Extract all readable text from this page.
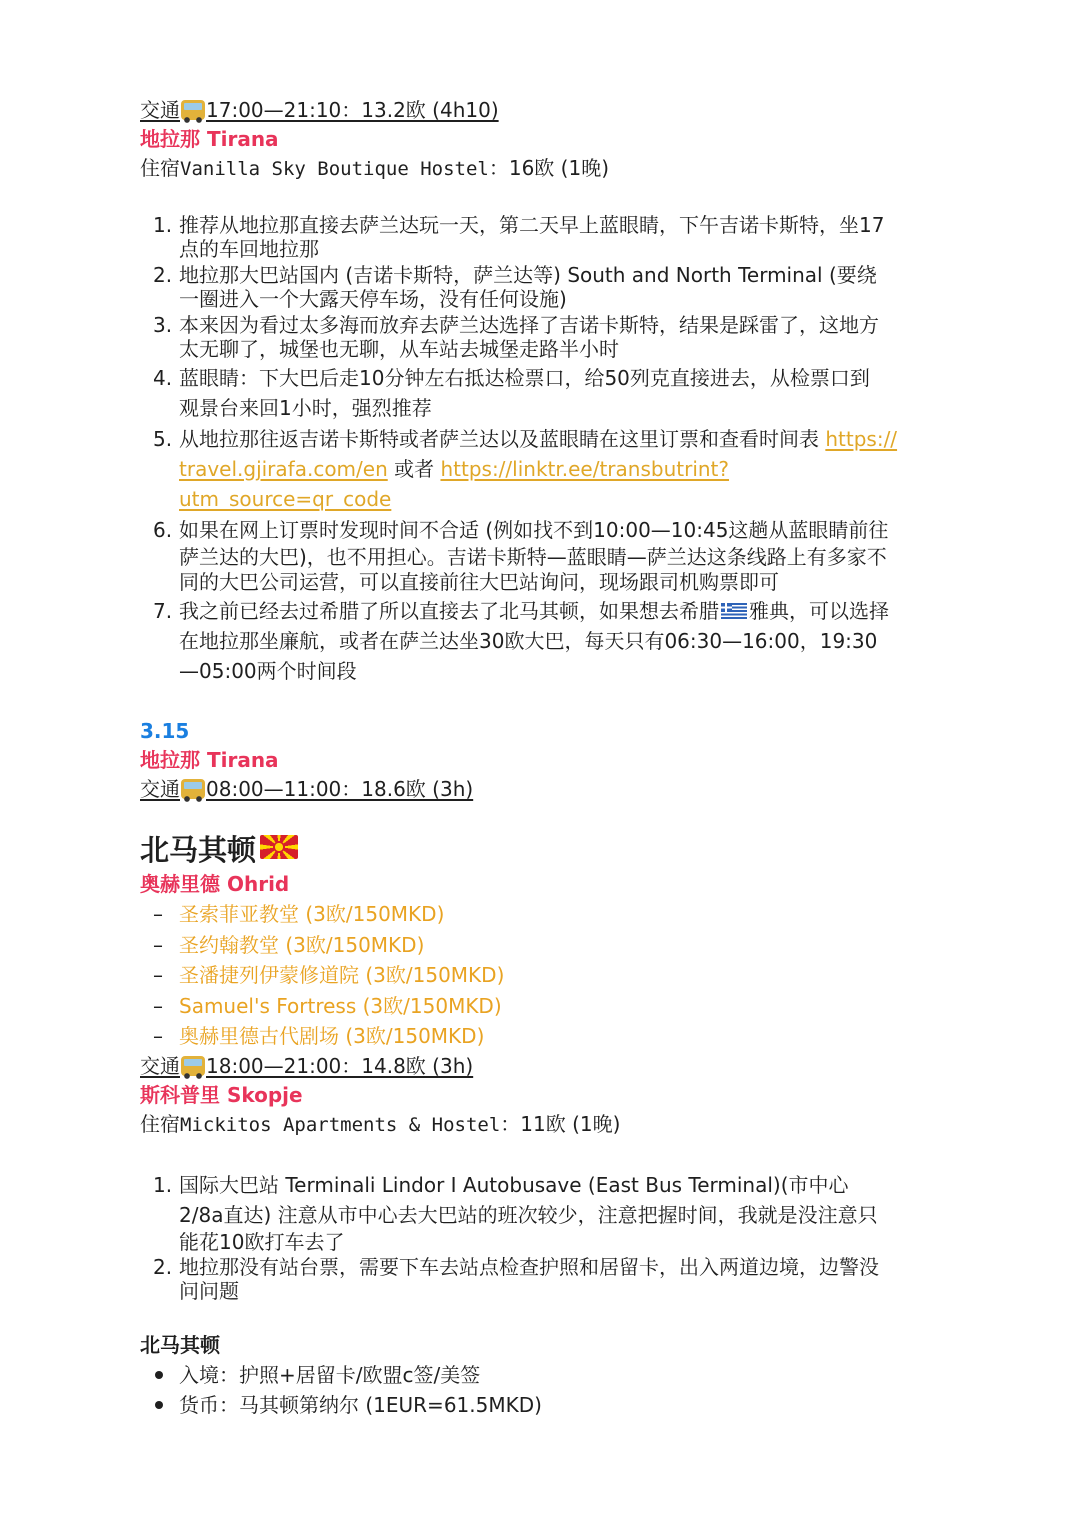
交通 17:00—21:10：13.2欧 (4h10)
地拉那 Tirana
住宿Vanilla Sky Boutique Hostel：16欧 (1晚)
1. 推荐从地拉那直接去萨兰达玩一天，第二天早上蓝眼睛，下午吉诺卡斯特，坐17
点的车回地拉那
2. 地拉那大巴站国内 (吉诺卡斯特，萨兰达等) South and North Terminal (要绕
一圈进入一个大露天停车场，没有任何设施)
3. 本来因为看过太多海而放弃去萨兰达选择了吉诺卡斯特，结果是踩雷了，这地方
太无聊了，城堡也无聊，从车站去城堡走路半小时
4. 蓝眼睛：下大巴后走10分钟左右抵达检票口，给50列克直接进去，从检票口到
观景台来回1小时，强烈推荐
5. 从地拉那往返吉诺卡斯特或者萨兰达以及蓝眼睛在这里订票和查看时间表 https://
travel.gjirafa.com/en 或者 https://linktr.ee/transbutrint?
utm_source=qr_code
6. 如果在网上订票时发现时间不合适 (例如找不到10:00—10:45这趟从蓝眼睛前往
萨兰达的大巴)，也不用担心。吉诺卡斯特—蓝眼睛—萨兰达这条线路上有多家不
同的大巴公司运营，可以直接前往大巴站询问，现场跟司机购票即可
7. 我之前已经去过希腊了所以直接去了北马其顿，如果想去希腊 雅典，可以选择
在地拉那坐廉航，或者在萨兰达坐30欧大巴，每天只有06:30—16:00，19:30
—05:00两个时间段
3.15
地拉那 Tirana
交通 08:00—11:00：18.6欧 (3h)
北马其顿
奥赫里德 Ohrid
– 圣索菲亚教堂 (3欧/150MKD)
– 圣约翰教堂 (3欧/150MKD)
– 圣潘捷列伊蒙修道院 (3欧/150MKD)
– Samuel's Fortress (3欧/150MKD)
– 奥赫里德古代剧场 (3欧/150MKD)
交通 18:00—21:00：14.8欧 (3h)
斯科普里 Skopje
住宿Mickitos Apartments & Hostel：11欧 (1晚)
1. 国际大巴站 Terminali Lindor I Autobusave (East Bus Terminal)(市中心
2/8a直达) 注意从市中心去大巴站的班次较少，注意把握时间，我就是没注意只
能花10欧打车去了
2. 地拉那没有站台票，需要下车去站点检查护照和居留卡，出入两道边境，边警没
问问题
北马其顿
入境：护照+居留卡/欧盟c签/美签
货币：马其顿第纳尔 (1EUR=61.5MKD)
